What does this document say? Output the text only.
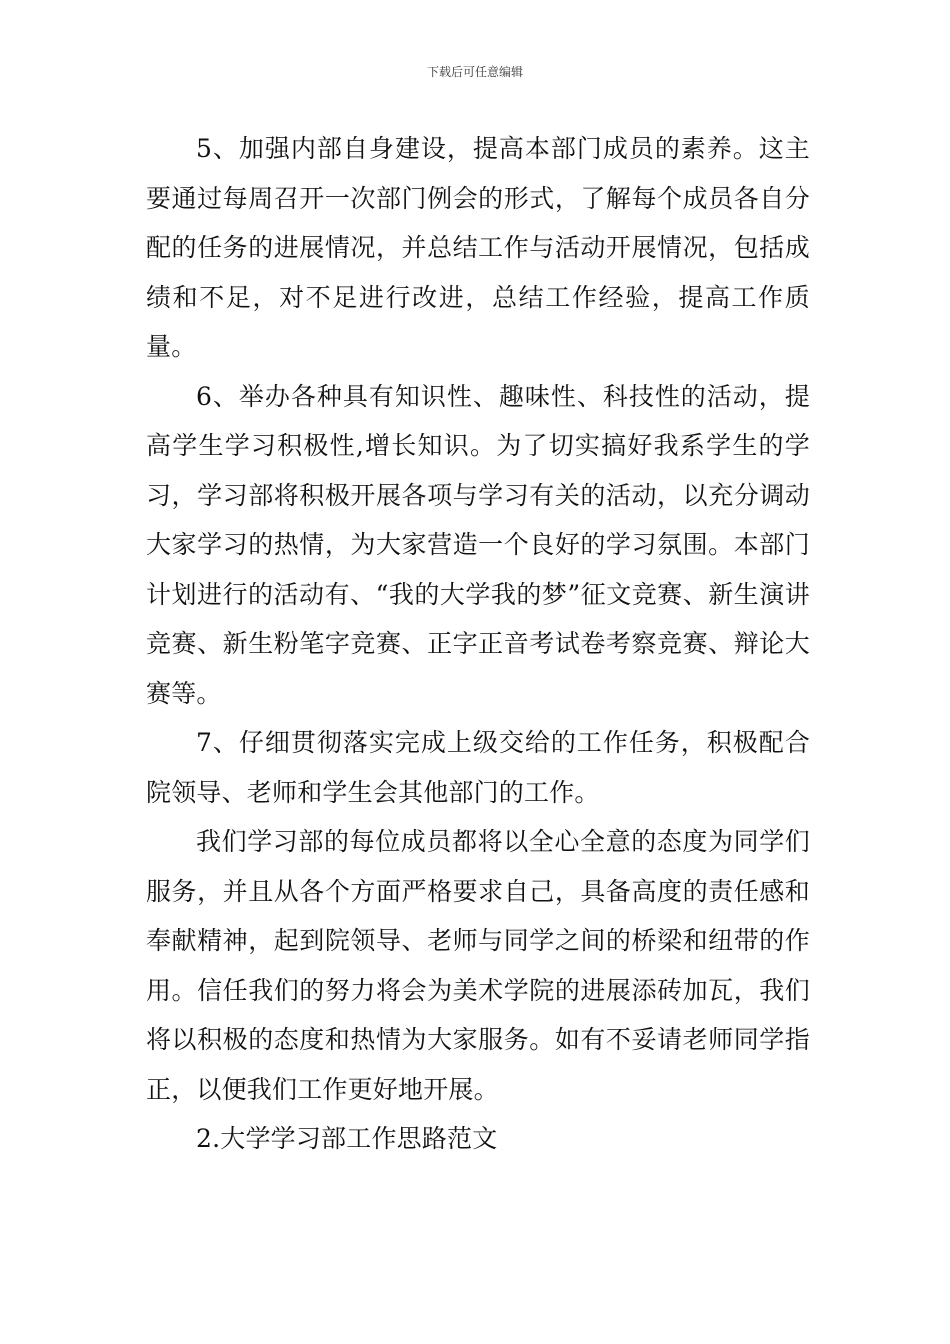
下载后可任意编辑

5、加强内部自身建设，提高本部门成员的素养。这主要通过每周召开一次部门例会的形式，了解每个成员各自分配的任务的进展情况，并总结工作与活动开展情况，包括成绩和不足，对不足进行改进，总结工作经验，提高工作质量。

6、举办各种具有知识性、趣味性、科技性的活动，提高学生学习积极性,增长知识。为了切实搞好我系学生的学习，学习部将积极开展各项与学习有关的活动，以充分调动大家学习的热情，为大家营造一个良好的学习氛围。本部门计划进行的活动有、“我的大学我的梦”征文竞赛、新生演讲竞赛、新生粉笔字竞赛、正字正音考试卷考察竞赛、辩论大赛等。

7、仔细贯彻落实完成上级交给的工作任务，积极配合院领导、老师和学生会其他部门的工作。

我们学习部的每位成员都将以全心全意的态度为同学们服务，并且从各个方面严格要求自己，具备高度的责任感和奉献精神，起到院领导、老师与同学之间的桥梁和纽带的作用。信任我们的努力将会为美术学院的进展添砖加瓦，我们将以积极的态度和热情为大家服务。如有不妥请老师同学指正，以便我们工作更好地开展。

2.大学学习部工作思路范文
